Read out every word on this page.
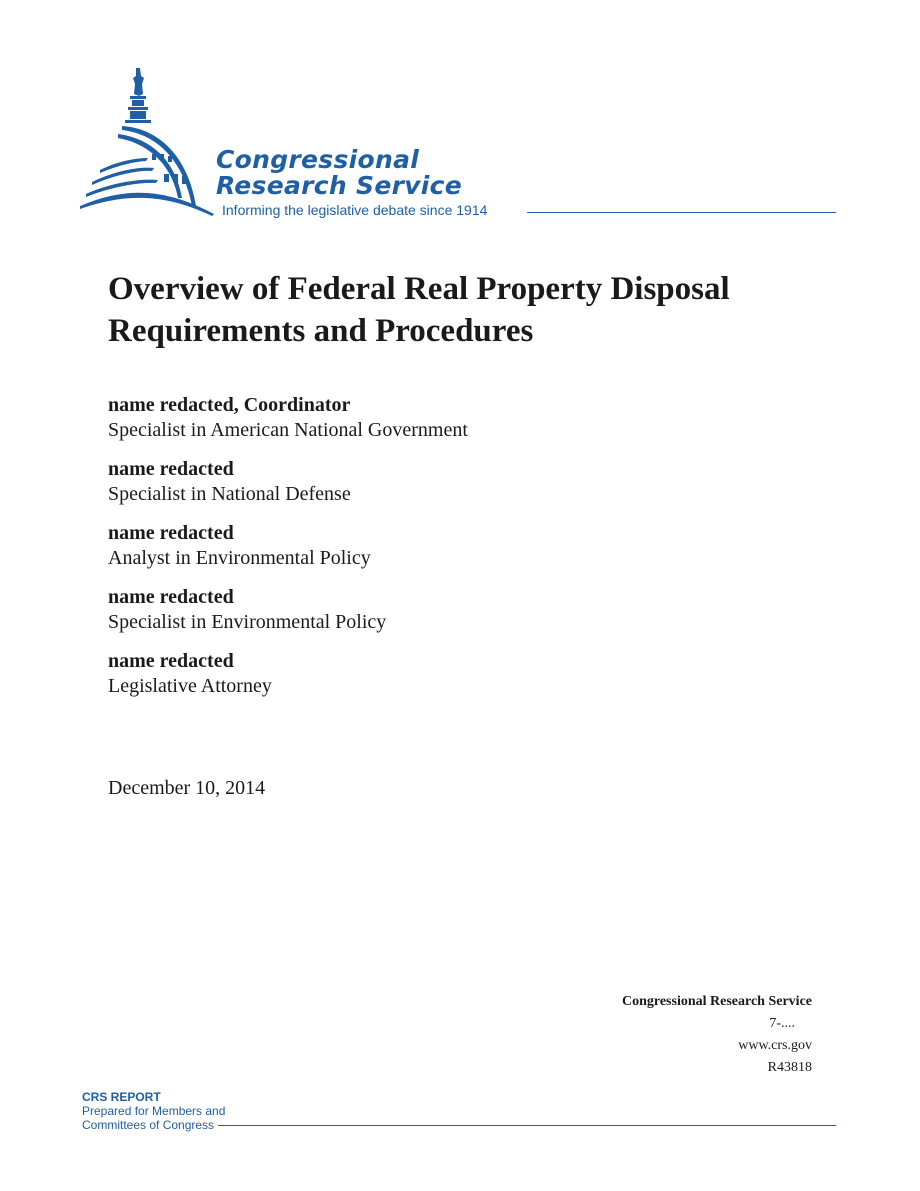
Congressional
Research Service
Informing the legislative debate since 1914
Overview of Federal Real Property Disposal Requirements and Procedures
name redacted, Coordinator
Specialist in American National Government
name redacted
Specialist in National Defense
name redacted
Analyst in Environmental Policy
name redacted
Specialist in Environmental Policy
name redacted
Legislative Attorney
December 10, 2014
Congressional Research Service
7-....
www.crs.gov
R43818
CRS REPORT
Prepared for Members and
Committees of Congress
